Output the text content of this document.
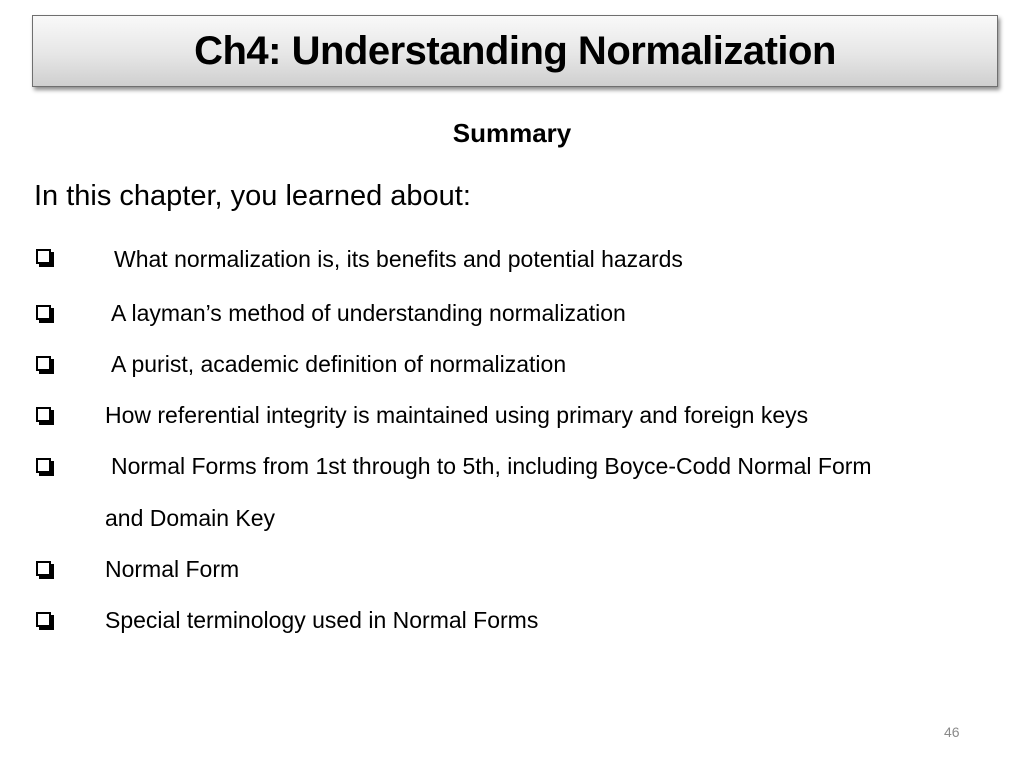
Ch4: Understanding Normalization
Summary
In this chapter, you learned about:
What normalization is, its benefits and potential hazards
A layman’s method of understanding normalization
A purist, academic definition of normalization
How referential integrity is maintained using primary and foreign keys
Normal Forms from 1st through to 5th, including Boyce-Codd Normal Form
and Domain Key
Normal Form
Special terminology used in Normal Forms
46
